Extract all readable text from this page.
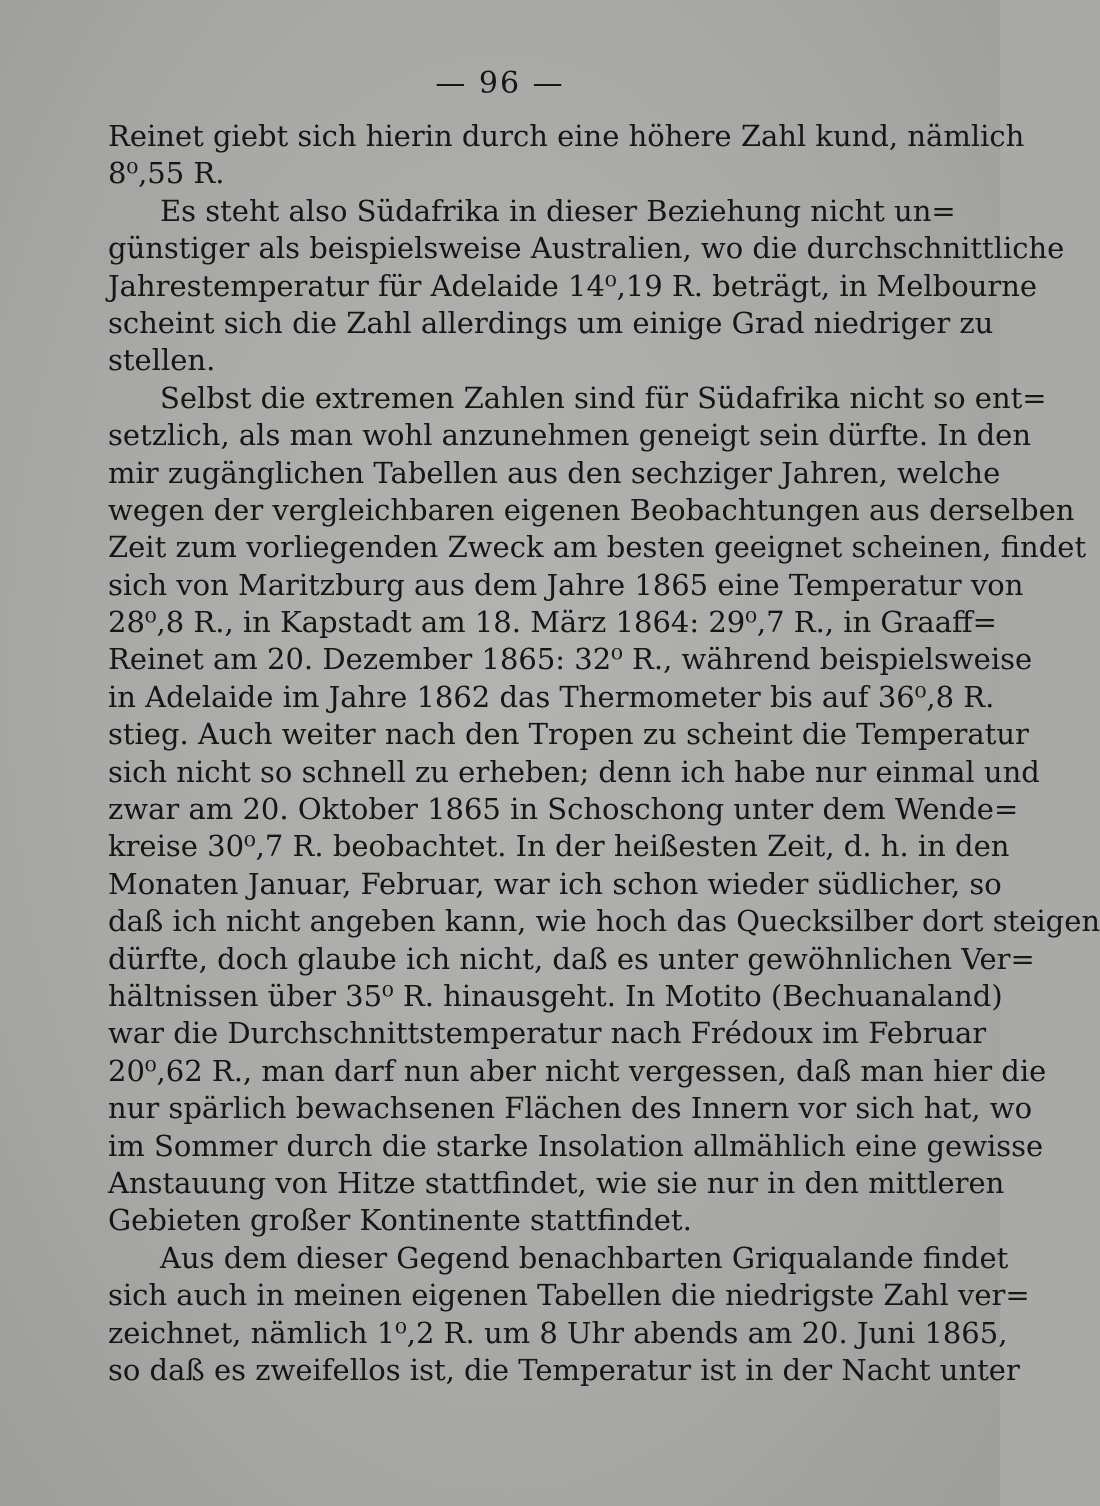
— 96 —
Reinet giebt sich hierin durch eine höhere Zahl kund, nämlich
8⁰,55 R.
Es steht also Südafrika in dieser Beziehung nicht un=
günstiger als beispielsweise Australien, wo die durchschnittliche
Jahrestemperatur für Adelaide 14⁰,19 R. beträgt, in Melbourne
scheint sich die Zahl allerdings um einige Grad niedriger zu
stellen.
Selbst die extremen Zahlen sind für Südafrika nicht so ent=
setzlich, als man wohl anzunehmen geneigt sein dürfte. In den
mir zugänglichen Tabellen aus den sechziger Jahren, welche
wegen der vergleichbaren eigenen Beobachtungen aus derselben
Zeit zum vorliegenden Zweck am besten geeignet scheinen, findet
sich von Maritzburg aus dem Jahre 1865 eine Temperatur von
28⁰,8 R., in Kapstadt am 18. März 1864: 29⁰,7 R., in Graaff=
Reinet am 20. Dezember 1865: 32⁰ R., während beispielsweise
in Adelaide im Jahre 1862 das Thermometer bis auf 36⁰,8 R.
stieg. Auch weiter nach den Tropen zu scheint die Temperatur
sich nicht so schnell zu erheben; denn ich habe nur einmal und
zwar am 20. Oktober 1865 in Schoschong unter dem Wende=
kreise 30⁰,7 R. beobachtet. In der heißesten Zeit, d. h. in den
Monaten Januar, Februar, war ich schon wieder südlicher, so
daß ich nicht angeben kann, wie hoch das Quecksilber dort steigen
dürfte, doch glaube ich nicht, daß es unter gewöhnlichen Ver=
hältnissen über 35⁰ R. hinausgeht. In Motito (Bechuanaland)
war die Durchschnittstemperatur nach Frédoux im Februar
20⁰,62 R., man darf nun aber nicht vergessen, daß man hier die
nur spärlich bewachsenen Flächen des Innern vor sich hat, wo
im Sommer durch die starke Insolation allmählich eine gewisse
Anstauung von Hitze stattfindet, wie sie nur in den mittleren
Gebieten großer Kontinente stattfindet.
Aus dem dieser Gegend benachbarten Griqualande findet
sich auch in meinen eigenen Tabellen die niedrigste Zahl ver=
zeichnet, nämlich 1⁰,2 R. um 8 Uhr abends am 20. Juni 1865,
so daß es zweifellos ist, die Temperatur ist in der Nacht unter
